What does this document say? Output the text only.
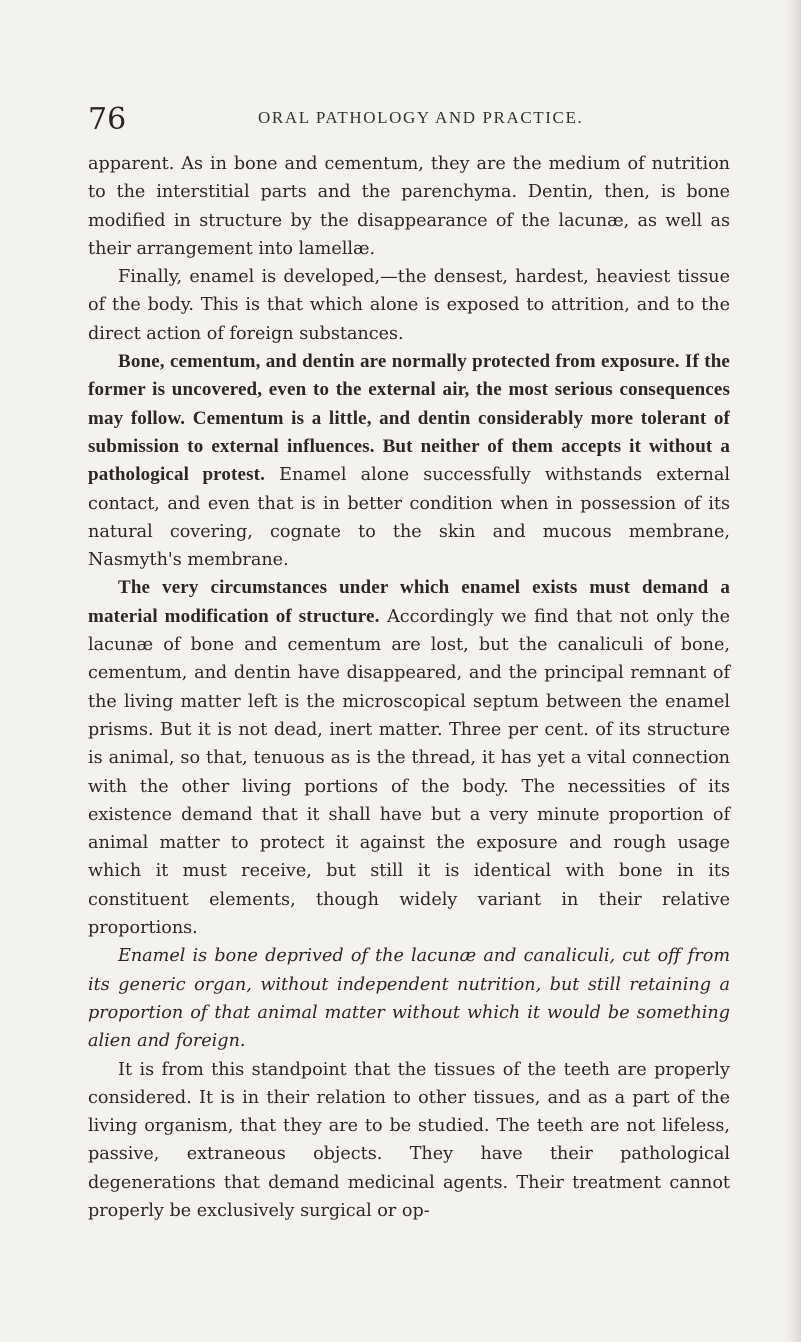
76	ORAL PATHOLOGY AND PRACTICE.

apparent. As in bone and cementum, they are the medium of nutrition to the interstitial parts and the parenchyma. Dentin, then, is bone modified in structure by the disappearance of the lacunæ, as well as their arrangement into lamellæ.

Finally, enamel is developed,—the densest, hardest, heaviest tissue of the body. This is that which alone is exposed to attrition, and to the direct action of foreign substances.

Bone, cementum, and dentin are normally protected from exposure. If the former is uncovered, even to the external air, the most serious consequences may follow. Cementum is a little, and dentin considerably more tolerant of submission to external influences. But neither of them accepts it without a pathological protest. Enamel alone successfully withstands external contact, and even that is in better condition when in possession of its natural covering, cognate to the skin and mucous membrane, Nasmyth's membrane.

The very circumstances under which enamel exists must demand a material modification of structure. Accordingly we find that not only the lacunæ of bone and cementum are lost, but the canaliculi of bone, cementum, and dentin have disappeared, and the principal remnant of the living matter left is the microscopical septum between the enamel prisms. But it is not dead, inert matter. Three per cent. of its structure is animal, so that, tenuous as is the thread, it has yet a vital connection with the other living portions of the body. The necessities of its existence demand that it shall have but a very minute proportion of animal matter to protect it against the exposure and rough usage which it must receive, but still it is identical with bone in its constituent elements, though widely variant in their relative proportions.

Enamel is bone deprived of the lacunæ and canaliculi, cut off from its generic organ, without independent nutrition, but still retaining a proportion of that animal matter without which it would be something alien and foreign.

It is from this standpoint that the tissues of the teeth are properly considered. It is in their relation to other tissues, and as a part of the living organism, that they are to be studied. The teeth are not lifeless, passive, extraneous objects. They have their pathological degenerations that demand medicinal agents. Their treatment cannot properly be exclusively surgical or op-
